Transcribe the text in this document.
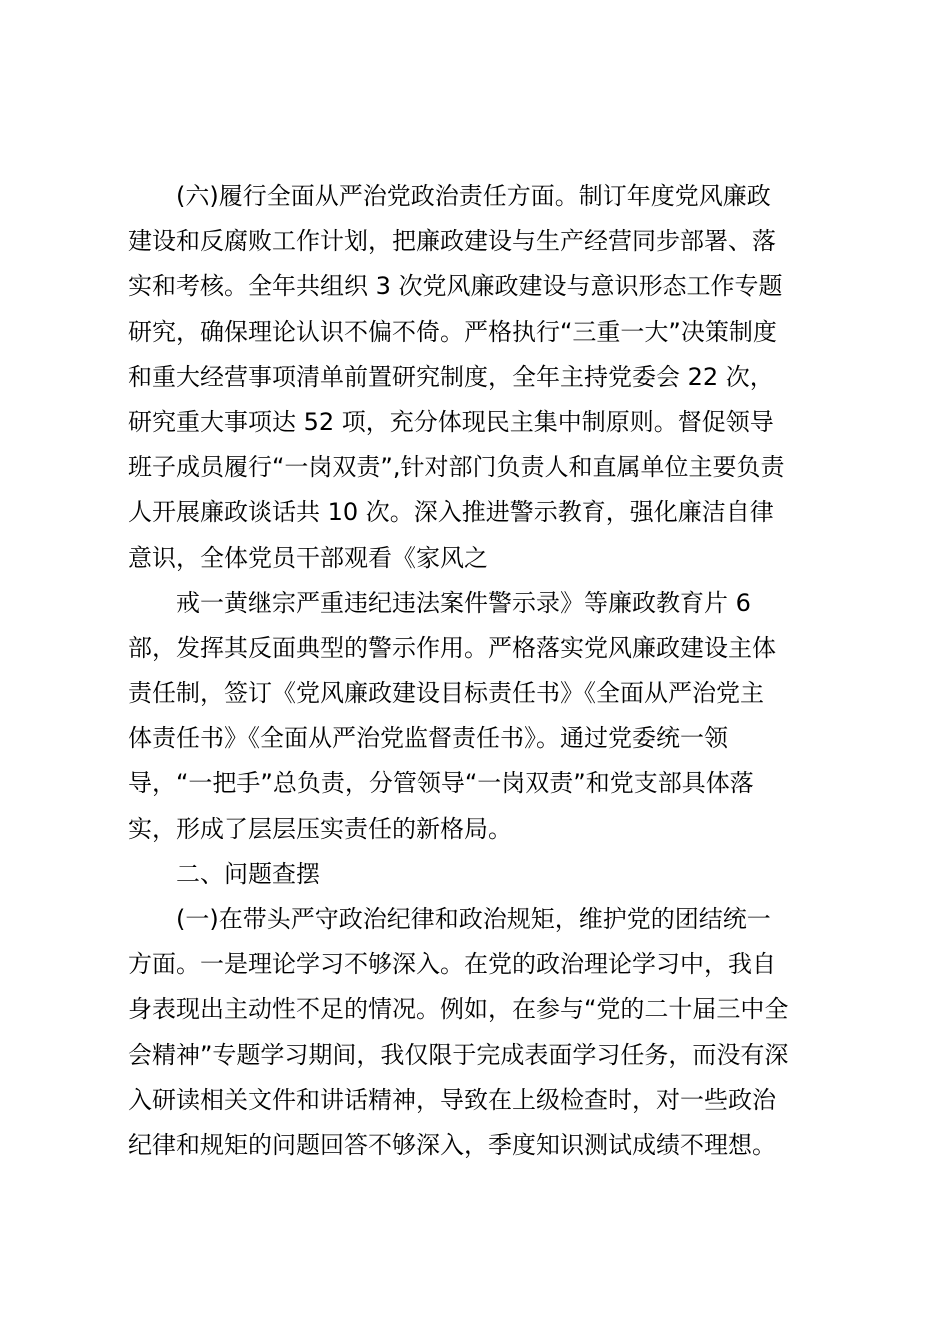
(六)履行全面从严治党政治责任方面。制订年度党风廉政
建设和反腐败工作计划，把廉政建设与生产经营同步部署、落
实和考核。全年共组织 3 次党风廉政建设与意识形态工作专题
研究，确保理论认识不偏不倚。严格执行“三重一大”决策制度
和重大经营事项清单前置研究制度，全年主持党委会 22 次，
研究重大事项达 52 项，充分体现民主集中制原则。督促领导
班子成员履行“一岗双责”,针对部门负责人和直属单位主要负责
人开展廉政谈话共 10 次。深入推进警示教育，强化廉洁自律
意识，全体党员干部观看《家风之
戒一黄继宗严重违纪违法案件警示录》等廉政教育片 6
部，发挥其反面典型的警示作用。严格落实党风廉政建设主体
责任制，签订《党风廉政建设目标责任书》《全面从严治党主
体责任书》《全面从严治党监督责任书》。通过党委统一领
导，“一把手”总负责，分管领导“一岗双责”和党支部具体落
实，形成了层层压实责任的新格局。
二、问题查摆
(一)在带头严守政治纪律和政治规矩，维护党的团结统一
方面。一是理论学习不够深入。在党的政治理论学习中，我自
身表现出主动性不足的情况。例如，在参与“党的二十届三中全
会精神”专题学习期间，我仅限于完成表面学习任务，而没有深
入研读相关文件和讲话精神，导致在上级检查时，对一些政治
纪律和规矩的问题回答不够深入，季度知识测试成绩不理想。
